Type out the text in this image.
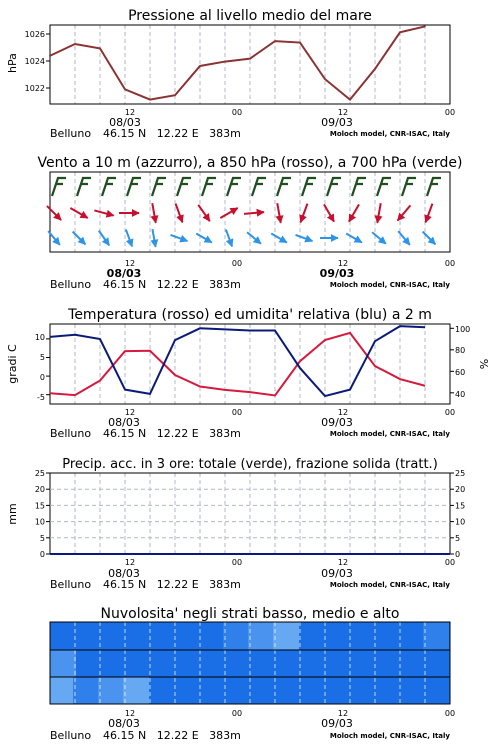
Pressione al livello medio del mare
hPa
1026
1024
1022
12	00	12	00
08/03	09/03
Belluno 46.15 N   12.22 E   383m	Moloch model, CNR-ISAC, Italy
Vento a 10 m (azzurro), a 850 hPa (rosso), a 700 hPa (verde)
12	00	12	00
08/03	09/03
Belluno 46.15 N   12.22 E   383m	Moloch model, CNR-ISAC, Italy
Temperatura (rosso) ed umidita' relativa (blu) a 2 m
gradi C	%
10
5
0
-5
100
80
60
40
12	00	12	00
08/03	09/03
Belluno 46.15 N   12.22 E   383m	Moloch model, CNR-ISAC, Italy
Precip. acc. in 3 ore: totale (verde), frazione solida (tratt.)
mm
0	0
5	5
10	10
15	15
20	20
25	25
12	00	12	00
08/03	09/03
Belluno 46.15 N   12.22 E   383m	Moloch model, CNR-ISAC, Italy
Nuvolosita' negli strati basso, medio e alto
12	00	12	00
08/03	09/03
Belluno 46.15 N   12.22 E   383m	Moloch model, CNR-ISAC, Italy
